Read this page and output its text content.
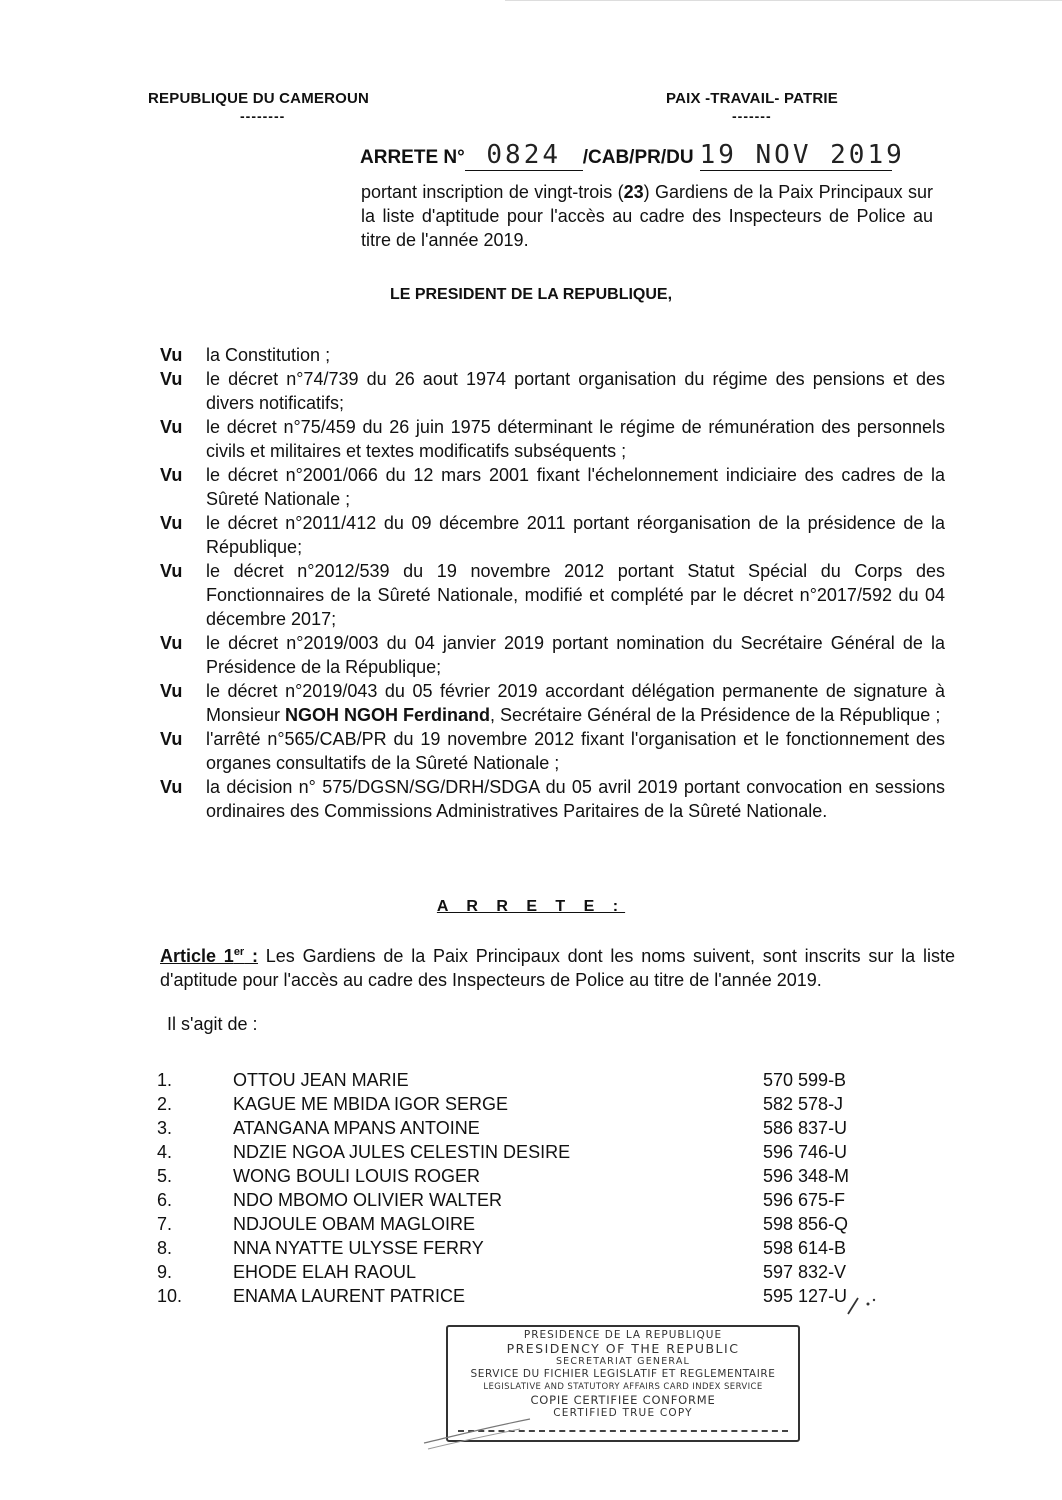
REPUBLIQUE DU CAMEROUN
--------
PAIX -TRAVAIL- PATRIE
-------
ARRETE N° 0824 /CAB/PR/DU 19 NOV 2019
portant inscription de vingt-trois (23) Gardiens de la Paix Principaux sur la liste d'aptitude pour l'accès au cadre des Inspecteurs de Police au titre de l'année 2019.
LE PRESIDENT DE LA REPUBLIQUE,
Vu	la Constitution ;
Vu	le décret n°74/739 du 26 aout 1974 portant organisation du régime des pensions et des divers notificatifs;
Vu	le décret n°75/459 du 26 juin 1975 déterminant le régime de rémunération des personnels civils et militaires et textes modificatifs subséquents ;
Vu	le décret n°2001/066 du 12 mars 2001 fixant l'échelonnement indiciaire des cadres de la Sûreté Nationale ;
Vu	le décret n°2011/412 du 09 décembre 2011 portant réorganisation de la présidence de la République;
Vu	le décret n°2012/539 du 19 novembre 2012 portant Statut Spécial du Corps des Fonctionnaires de la Sûreté Nationale, modifié et complété par le décret n°2017/592 du 04 décembre 2017;
Vu	le décret n°2019/003 du 04 janvier 2019 portant nomination du Secrétaire Général de la Présidence de la République;
Vu	le décret n°2019/043 du 05 février 2019 accordant délégation permanente de signature à Monsieur NGOH NGOH Ferdinand, Secrétaire Général de la Présidence de la République ;
Vu	l'arrêté n°565/CAB/PR du 19 novembre 2012 fixant l'organisation et le fonctionnement des organes consultatifs de la Sûreté Nationale ;
Vu	la décision n° 575/DGSN/SG/DRH/SDGA du 05 avril 2019 portant convocation en sessions ordinaires des Commissions Administratives Paritaires de la Sûreté Nationale.
A R R E T E :
Article 1er : Les Gardiens de la Paix Principaux dont les noms suivent, sont inscrits sur la liste d'aptitude pour l'accès au cadre des Inspecteurs de Police au titre de l'année 2019.
Il s'agit de :
1.	OTTOU JEAN MARIE	570 599-B
2.	KAGUE ME MBIDA IGOR SERGE	582 578-J
3.	ATANGANA MPANS ANTOINE	586 837-U
4.	NDZIE NGOA JULES CELESTIN DESIRE	596 746-U
5.	WONG BOULI LOUIS ROGER	596 348-M
6.	NDO MBOMO OLIVIER WALTER	596 675-F
7.	NDJOULE OBAM MAGLOIRE	598 856-Q
8.	NNA NYATTE ULYSSE FERRY	598 614-B
9.	EHODE ELAH RAOUL	597 832-V
10.	ENAMA LAURENT PATRICE	595 127-U
PRESIDENCE DE LA REPUBLIQUE
PRESIDENCY OF THE REPUBLIC
SECRETARIAT GENERAL
SERVICE DU FICHIER LEGISLATIF ET REGLEMENTAIRE
LEGISLATIVE AND STATUTORY AFFAIRS CARD INDEX SERVICE
COPIE CERTIFIEE CONFORME
CERTIFIED TRUE COPY
